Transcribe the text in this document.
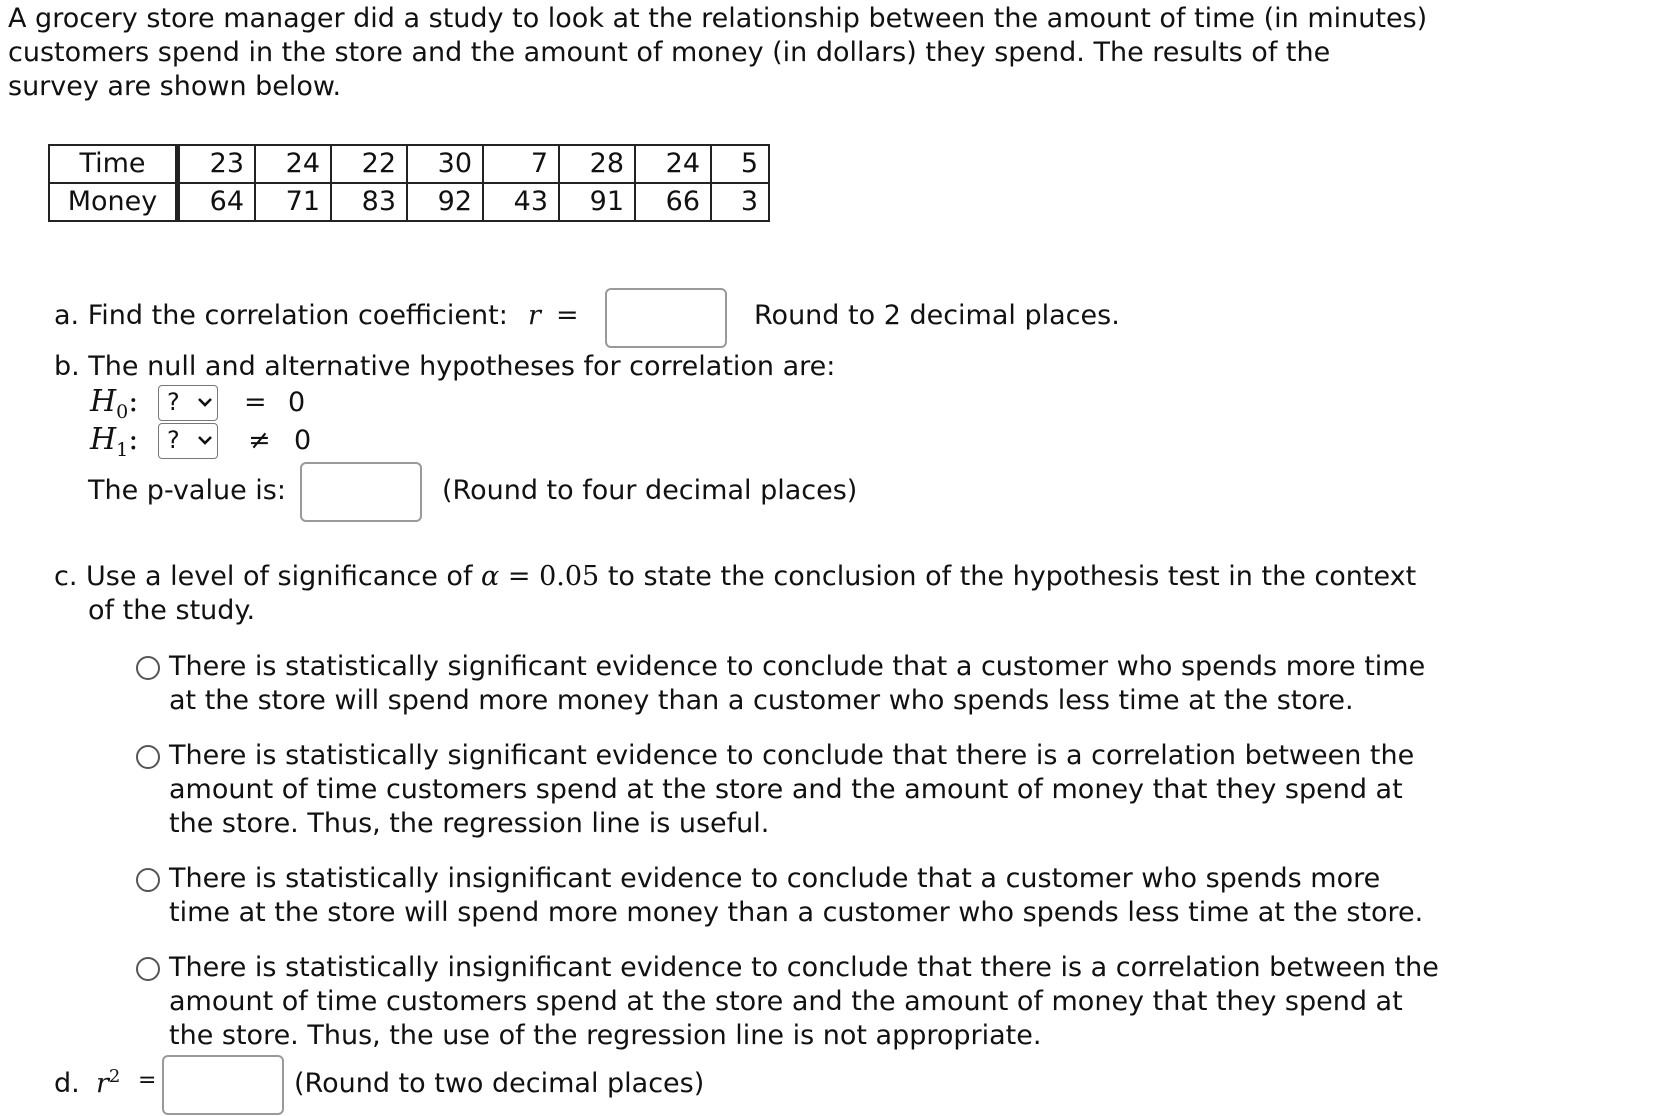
A grocery store manager did a study to look at the relationship between the amount of time (in minutes) customers spend in the store and the amount of money (in dollars) they spend. The results of the survey are shown below.
Time	23	24	22	30	7	28	24	5
Money	64	71	83	92	43	91	66	3
a. Find the correlation coefficient: r =	Round to 2 decimal places.
b. The null and alternative hypotheses for correlation are:
$H_0$:	?	= 0
$H_1$:	?	≠ 0
The p-value is:	(Round to four decimal places)
c. Use a level of significance of α = 0.05 to state the conclusion of the hypothesis test in the context
of the study.
There is statistically significant evidence to conclude that a customer who spends more time at the store will spend more money than a customer who spends less time at the store.
There is statistically significant evidence to conclude that there is a correlation between the amount of time customers spend at the store and the amount of money that they spend at the store. Thus, the regression line is useful.
There is statistically insignificant evidence to conclude that a customer who spends more time at the store will spend more money than a customer who spends less time at the store.
There is statistically insignificant evidence to conclude that there is a correlation between the amount of time customers spend at the store and the amount of money that they spend at the store. Thus, the use of the regression line is not appropriate.
d. $r^2$ =	(Round to two decimal places)
